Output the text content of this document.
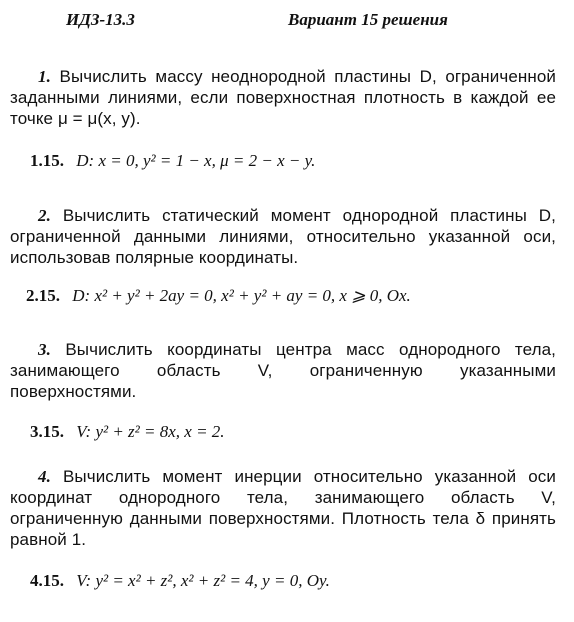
ИДЗ-13.3	Вариант 15 решения
1. Вычислить массу неоднородной пластины D, ограниченной заданными линиями, если поверхностная плотность в каждой ее точке μ = μ(x, y).
1.15. D: x = 0, y² = 1 − x, μ = 2 − x − y.
2. Вычислить статический момент однородной пластины D, ограниченной данными линиями, относительно указанной оси, использовав полярные координаты.
2.15. D: x² + y² + 2ay = 0, x² + y² + ay = 0, x ⩾ 0, Ox.
3. Вычислить координаты центра масс однородного тела, занимающего область V, ограниченную указанными поверхностями.
3.15. V: y² + z² = 8x, x = 2.
4. Вычислить момент инерции относительно указанной оси координат однородного тела, занимающего область V, ограниченную данными поверхностями. Плотность тела δ принять равной 1.
4.15. V: y² = x² + z², x² + z² = 4, y = 0, Oy.
